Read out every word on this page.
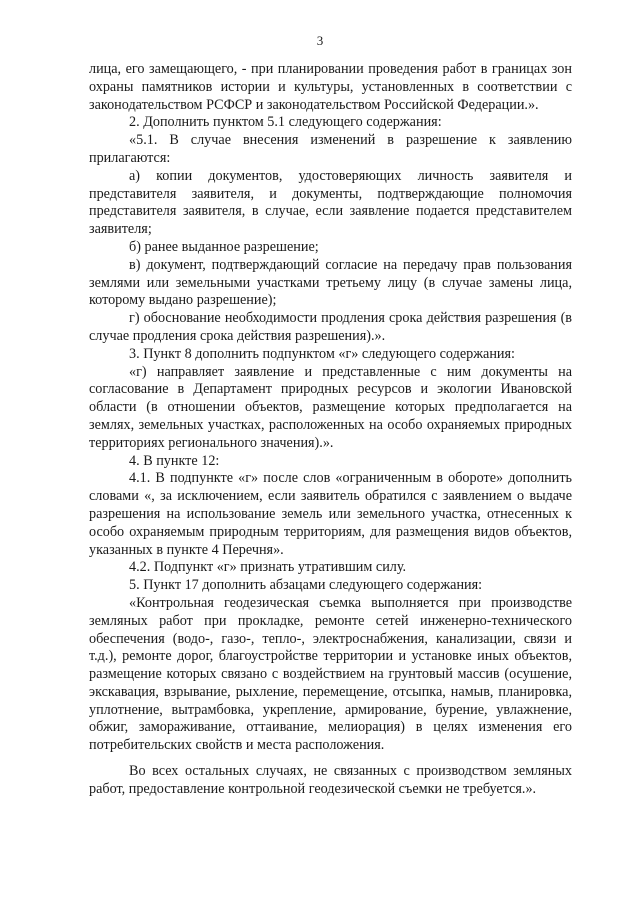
3

лица, его замещающего, - при планировании проведения работ в границах зон охраны памятников истории и культуры, установленных в соответствии с законодательством РСФСР и законодательством Российской Федерации.».

2. Дополнить пунктом 5.1 следующего содержания:

«5.1. В случае внесения изменений в разрешение к заявлению прилагаются:

а) копии документов, удостоверяющих личность заявителя и представителя заявителя, и документы, подтверждающие полномочия представителя заявителя, в случае, если заявление подается представителем заявителя;

б) ранее выданное разрешение;

в) документ, подтверждающий согласие на передачу прав пользования землями или земельными участками третьему лицу (в случае замены лица, которому выдано разрешение);

г) обоснование необходимости продления срока действия разрешения (в случае продления срока действия разрешения).».

3. Пункт 8 дополнить подпунктом «г» следующего содержания:

«г) направляет заявление и представленные с ним документы на согласование в Департамент природных ресурсов и экологии Ивановской области (в отношении объектов, размещение которых предполагается на землях, земельных участках, расположенных на особо охраняемых природных территориях регионального значения).».

4. В пункте 12:

4.1. В подпункте «г» после слов «ограниченным в обороте» дополнить словами «, за исключением, если заявитель обратился с заявлением о выдаче разрешения на использование земель или земельного участка, отнесенных к особо охраняемым природным территориям, для размещения видов объектов, указанных в пункте 4 Перечня».

4.2. Подпункт «г» признать утратившим силу.

5. Пункт 17 дополнить абзацами следующего содержания:

«Контрольная геодезическая съемка выполняется при производстве земляных работ при прокладке, ремонте сетей инженерно-технического обеспечения (водо-, газо-, тепло-, электроснабжения, канализации, связи и т.д.), ремонте дорог, благоустройстве территории и установке иных объектов, размещение которых связано с воздействием на грунтовый массив (осушение, экскавация, взрывание, рыхление, перемещение, отсыпка, намыв, планировка, уплотнение, вытрамбовка, укрепление, армирование, бурение, увлажнение, обжиг, замораживание, оттаивание, мелиорация) в целях изменения его потребительских свойств и места расположения.

Во всех остальных случаях, не связанных с производством земляных работ, предоставление контрольной геодезической съемки не требуется.».
